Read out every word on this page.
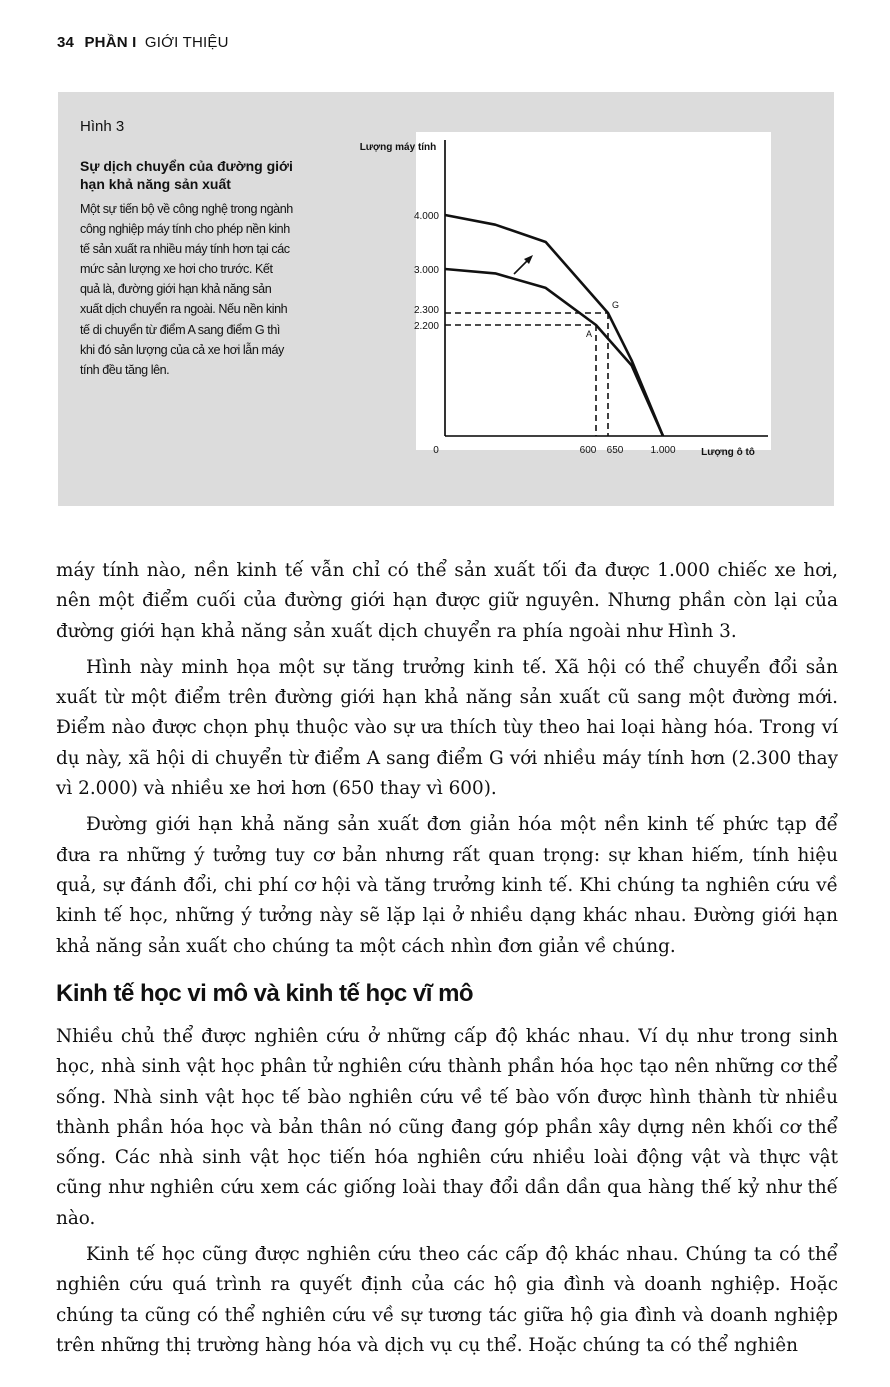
34 PHẦN I GIỚI THIỆU
Hình 3
Sự dịch chuyển của đường giới hạn khả năng sản xuất
Một sự tiến bộ về công nghệ trong ngành công nghiệp máy tính cho phép nền kinh tế sản xuất ra nhiều máy tính hơn tại các mức sản lượng xe hơi cho trước. Kết quả là, đường giới hạn khả năng sản xuất dịch chuyển ra ngoài. Nếu nền kinh tế di chuyển từ điểm A sang điểm G thì khi đó sản lượng của cả xe hơi lẫn máy tính đều tăng lên.
Lượng máy tính
Lượng ô tô
2.200
2.300
3.000
4.000
0	600 650	1.000
A
G

máy tính nào, nền kinh tế vẫn chỉ có thể sản xuất tối đa được 1.000 chiếc xe hơi, nên một điểm cuối của đường giới hạn được giữ nguyên. Nhưng phần còn lại của đường giới hạn khả năng sản xuất dịch chuyển ra phía ngoài như Hình 3.

Hình này minh họa một sự tăng trưởng kinh tế. Xã hội có thể chuyển đổi sản xuất từ một điểm trên đường giới hạn khả năng sản xuất cũ sang một đường mới. Điểm nào được chọn phụ thuộc vào sự ưa thích tùy theo hai loại hàng hóa. Trong ví dụ này, xã hội di chuyển từ điểm A sang điểm G với nhiều máy tính hơn (2.300 thay vì 2.000) và nhiều xe hơi hơn (650 thay vì 600).

Đường giới hạn khả năng sản xuất đơn giản hóa một nền kinh tế phức tạp để đưa ra những ý tưởng tuy cơ bản nhưng rất quan trọng: sự khan hiếm, tính hiệu quả, sự đánh đổi, chi phí cơ hội và tăng trưởng kinh tế. Khi chúng ta nghiên cứu về kinh tế học, những ý tưởng này sẽ lặp lại ở nhiều dạng khác nhau. Đường giới hạn khả năng sản xuất cho chúng ta một cách nhìn đơn giản về chúng.

Kinh tế học vi mô và kinh tế học vĩ mô

Nhiều chủ thể được nghiên cứu ở những cấp độ khác nhau. Ví dụ như trong sinh học, nhà sinh vật học phân tử nghiên cứu thành phần hóa học tạo nên những cơ thể sống. Nhà sinh vật học tế bào nghiên cứu về tế bào vốn được hình thành từ nhiều thành phần hóa học và bản thân nó cũng đang góp phần xây dựng nên khối cơ thể sống. Các nhà sinh vật học tiến hóa nghiên cứu nhiều loài động vật và thực vật cũng như nghiên cứu xem các giống loài thay đổi dần dần qua hàng thế kỷ như thế nào.

Kinh tế học cũng được nghiên cứu theo các cấp độ khác nhau. Chúng ta có thể nghiên cứu quá trình ra quyết định của các hộ gia đình và doanh nghiệp. Hoặc chúng ta cũng có thể nghiên cứu về sự tương tác giữa hộ gia đình và doanh nghiệp trên những thị trường hàng hóa và dịch vụ cụ thể. Hoặc chúng ta có thể nghiên
